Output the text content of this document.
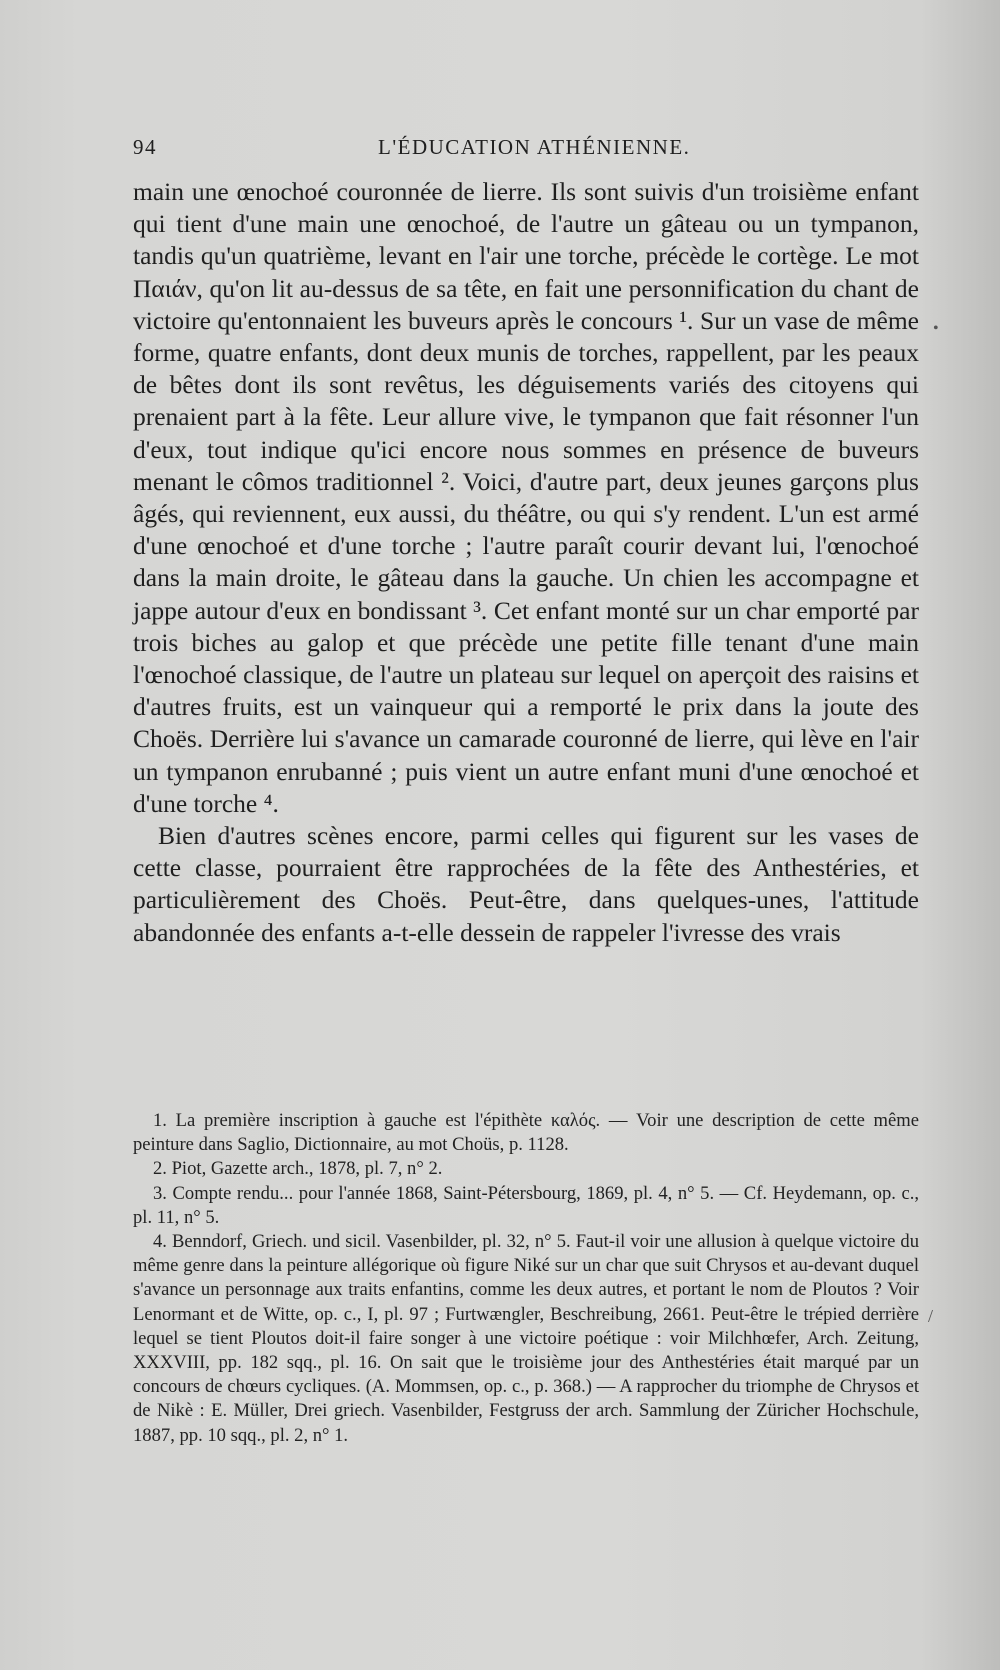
94	L'ÉDUCATION ATHÉNIENNE.

main une œnochoé couronnée de lierre. Ils sont suivis d'un troisième enfant qui tient d'une main une œnochoé, de l'autre un gâteau ou un tympanon, tandis qu'un quatrième, levant en l'air une torche, précède le cortège. Le mot Παιάν, qu'on lit au-dessus de sa tête, en fait une personnification du chant de victoire qu'entonnaient les buveurs après le concours ¹. Sur un vase de même forme, quatre enfants, dont deux munis de torches, rappellent, par les peaux de bêtes dont ils sont revêtus, les déguisements variés des citoyens qui prenaient part à la fête. Leur allure vive, le tympanon que fait résonner l'un d'eux, tout indique qu'ici encore nous sommes en présence de buveurs menant le cômos traditionnel ². Voici, d'autre part, deux jeunes garçons plus âgés, qui reviennent, eux aussi, du théâtre, ou qui s'y rendent. L'un est armé d'une œnochoé et d'une torche ; l'autre paraît courir devant lui, l'œnochoé dans la main droite, le gâteau dans la gauche. Un chien les accompagne et jappe autour d'eux en bondissant ³. Cet enfant monté sur un char emporté par trois biches au galop et que précède une petite fille tenant d'une main l'œnochoé classique, de l'autre un plateau sur lequel on aperçoit des raisins et d'autres fruits, est un vainqueur qui a remporté le prix dans la joute des Choës. Derrière lui s'avance un camarade couronné de lierre, qui lève en l'air un tympanon enrubanné ; puis vient un autre enfant muni d'une œnochoé et d'une torche ⁴.

Bien d'autres scènes encore, parmi celles qui figurent sur les vases de cette classe, pourraient être rapprochées de la fête des Anthestéries, et particulièrement des Choës. Peut-être, dans quelques-unes, l'attitude abandonnée des enfants a-t-elle dessein de rappeler l'ivresse des vrais

1. La première inscription à gauche est l'épithète καλός. — Voir une description de cette même peinture dans Saglio, Dictionnaire, au mot Choüs, p. 1128.

2. Piot, Gazette arch., 1878, pl. 7, n° 2.

3. Compte rendu... pour l'année 1868, Saint-Pétersbourg, 1869, pl. 4, n° 5. — Cf. Heydemann, op. c., pl. 11, n° 5.

4. Benndorf, Griech. und sicil. Vasenbilder, pl. 32, n° 5. Faut-il voir une allusion à quelque victoire du même genre dans la peinture allégorique où figure Niké sur un char que suit Chrysos et au-devant duquel s'avance un personnage aux traits enfantins, comme les deux autres, et portant le nom de Ploutos ? Voir Lenormant et de Witte, op. c., I, pl. 97 ; Furtwængler, Beschreibung, 2661. Peut-être le trépied derrière lequel se tient Ploutos doit-il faire songer à une victoire poétique : voir Milchhœfer, Arch. Zeitung, XXXVIII, pp. 182 sqq., pl. 16. On sait que le troisième jour des Anthestéries était marqué par un concours de chœurs cycliques. (A. Mommsen, op. c., p. 368.) — A rapprocher du triomphe de Chrysos et de Nikè : E. Müller, Drei griech. Vasenbilder, Festgruss der arch. Sammlung der Züricher Hochschule, 1887, pp. 10 sqq., pl. 2, n° 1.

•
/
